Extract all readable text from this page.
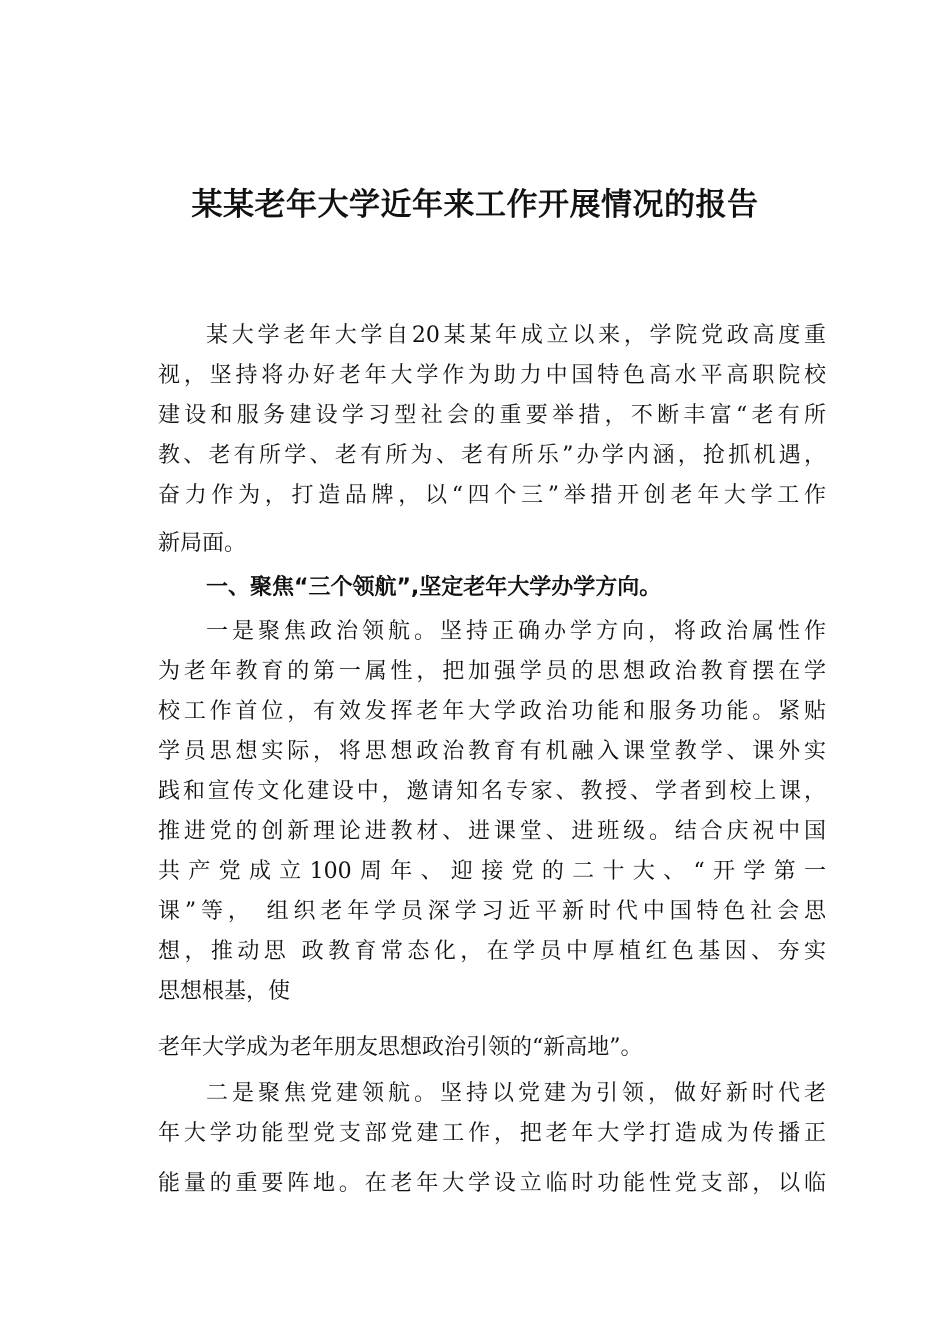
某某老年大学近年来工作开展情况的报告

某大学老年大学自20某某年成立以来，学院党政高度重

视，坚持将办好老年大学作为助力中国特色高水平高职院校

建设和服务建设学习型社会的重要举措，不断丰富“老有所

教、老有所学、老有所为、老有所乐”办学内涵，抢抓机遇，

奋力作为，打造品牌，以“四个三”举措开创老年大学工作

新局面。

一、聚焦“三个领航”,坚定老年大学办学方向。

一是聚焦政治领航。坚持正确办学方向，将政治属性作

为老年教育的第一属性，把加强学员的思想政治教育摆在学

校工作首位，有效发挥老年大学政治功能和服务功能。紧贴

学员思想实际，将思想政治教育有机融入课堂教学、课外实

践和宣传文化建设中，邀请知名专家、教授、学者到校上课，

推进党的创新理论进教材、进课堂、进班级。结合庆祝中国

共产党成立100周年、迎接党的二十大、“开学第一

课”等， 组织老年学员深学习近平新时代中国特色社会思

想，推动思 政教育常态化，在学员中厚植红色基因、夯实

思想根基，使

老年大学成为老年朋友思想政治引领的“新高地”。

二是聚焦党建领航。坚持以党建为引领，做好新时代老

年大学功能型党支部党建工作，把老年大学打造成为传播正

能量的重要阵地。在老年大学设立临时功能性党支部，以临
